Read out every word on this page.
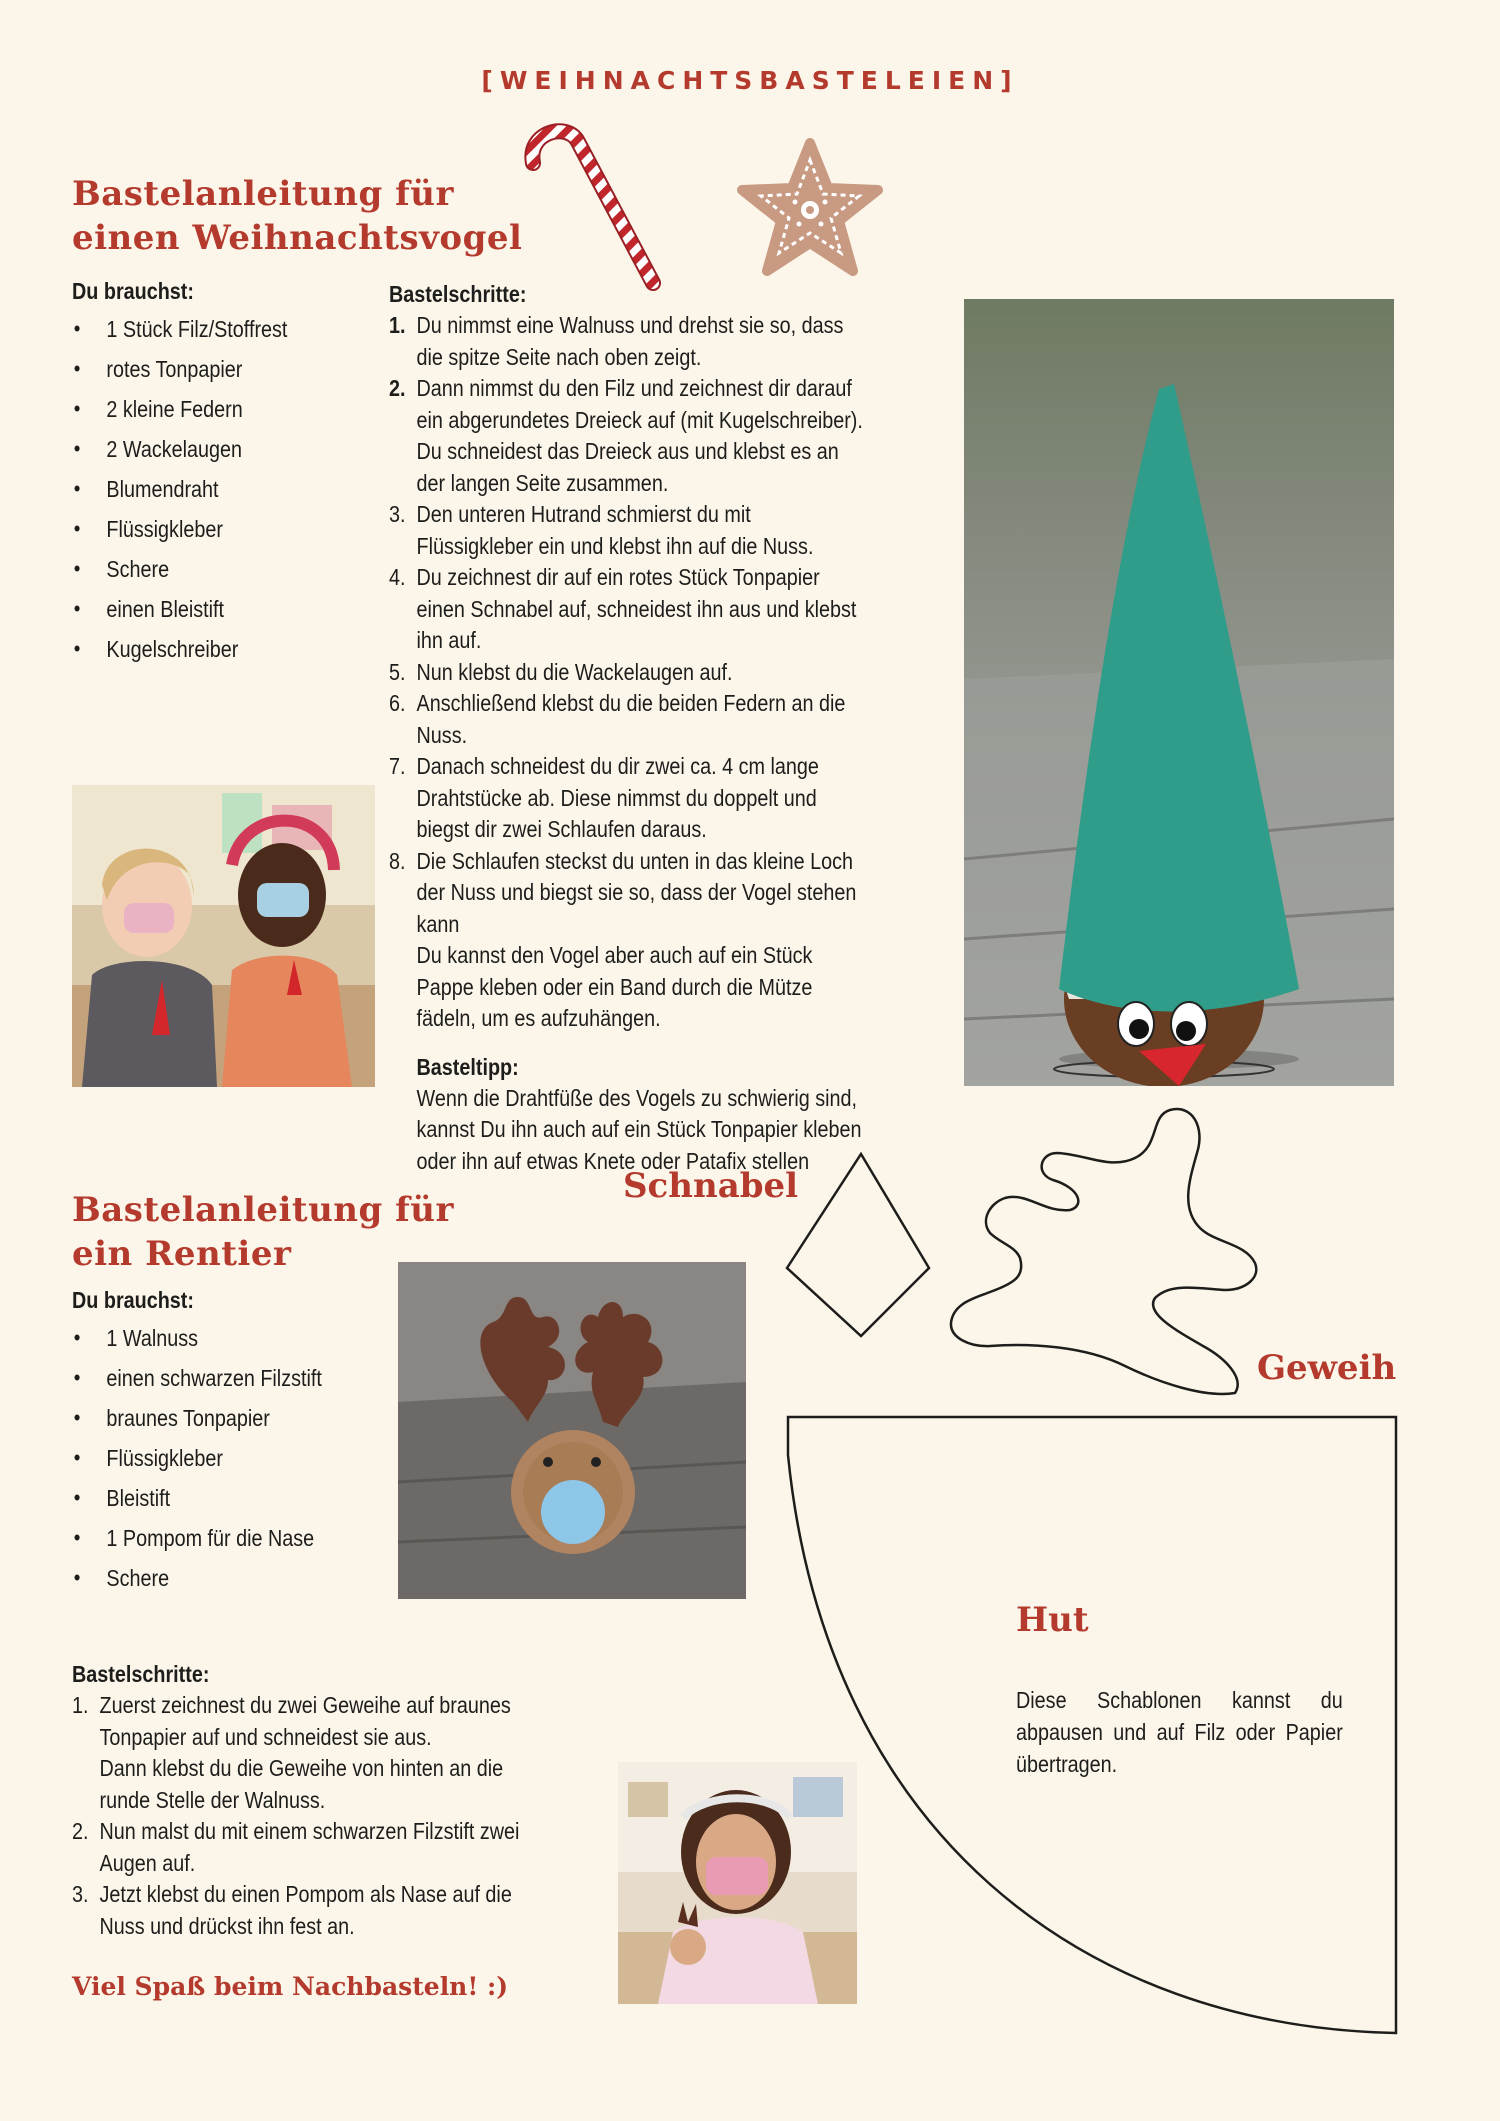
[WEIHNACHTSBASTELEIEN]
Bastelanleitung für
einen Weihnachtsvogel
Du brauchst:
• 1 Stück Filz/Stoffrest
• rotes Tonpapier
• 2 kleine Federn
• 2 Wackelaugen
• Blumendraht
• Flüssigkleber
• Schere
• einen Bleistift
• Kugelschreiber
Bastelschritte:
1. Du nimmst eine Walnuss und drehst sie so, dass die spitze Seite nach oben zeigt.
2. Dann nimmst du den Filz und zeichnest dir darauf ein abgerundetes Dreieck auf (mit Kugelschreiber).
Du schneidest das Dreieck aus und klebst es an der langen Seite zusammen.
3. Den unteren Hutrand schmierst du mit Flüssigkleber ein und klebst ihn auf die Nuss.
4. Du zeichnest dir auf ein rotes Stück Tonpapier einen Schnabel auf, schneidest ihn aus und klebst ihn auf.
5. Nun klebst du die Wackelaugen auf.
6. Anschließend klebst du die beiden Federn an die Nuss.
7. Danach schneidest du dir zwei ca. 4 cm lange Drahtstücke ab. Diese nimmst du doppelt und biegst dir zwei Schlaufen daraus.
8. Die Schlaufen steckst du unten in das kleine Loch der Nuss und biegst sie so, dass der Vogel stehen kann
Du kannst den Vogel aber auch auf ein Stück Pappe kleben oder ein Band durch die Mütze fädeln, um es aufzuhängen.
Basteltipp:
Wenn die Drahtfüße des Vogels zu schwierig sind, kannst Du ihn auch auf ein Stück Tonpapier kleben oder ihn auf etwas Knete oder Patafix stellen
Bastelanleitung für
ein Rentier
Du brauchst:
• 1 Walnuss
• einen schwarzen Filzstift
• braunes Tonpapier
• Flüssigkleber
• Bleistift
• 1 Pompom für die Nase
• Schere
Bastelschritte:
1. Zuerst zeichnest du zwei Geweihe auf braunes Tonpapier auf und schneidest sie aus.
Dann klebst du die Geweihe von hinten an die runde Stelle der Walnuss.
2. Nun malst du mit einem schwarzen Filzstift zwei Augen auf.
3. Jetzt klebst du einen Pompom als Nase auf die Nuss und drückst ihn fest an.
Viel Spaß beim Nachbasteln! :)
Schnabel
Geweih
Hut
Diese Schablonen kannst du abpausen und auf Filz oder Papier übertragen.
